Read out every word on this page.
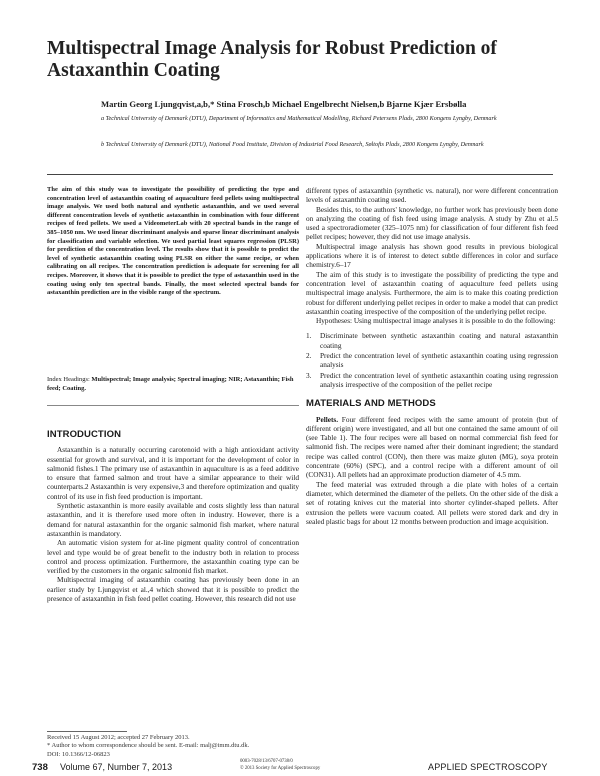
Multispectral Image Analysis for Robust Prediction of
Astaxanthin Coating
Martin Georg Ljungqvist,a,b,* Stina Frosch,b Michael Engelbrecht Nielsen,b Bjarne Kjær Ersbølla
a Technical University of Denmark (DTU), Department of Informatics and Mathematical Modelling, Richard Petersens Plads, 2800 Kongens Lyngby, Denmark
b Technical University of Denmark (DTU), National Food Institute, Division of Industrial Food Research, Søltofts Plads, 2800 Kongens Lyngby, Denmark
The aim of this study was to investigate the possibility of predicting the type and concentration level of astaxanthin coating of aquaculture feed pellets using multispectral image analysis. We used both natural and synthetic astaxanthin, and we used several different concentration levels of synthetic astaxanthin in combination with four different recipes of feed pellets. We used a VideometerLab with 20 spectral bands in the range of 385–1050 nm. We used linear discriminant analysis and sparse linear discriminant analysis for classification and variable selection. We used partial least squares regression (PLSR) for prediction of the concentration level. The results show that it is possible to predict the level of synthetic astaxanthin coating using PLSR on either the same recipe, or when calibrating on all recipes. The concentration prediction is adequate for screening for all recipes. Moreover, it shows that it is possible to predict the type of astaxanthin used in the coating using only ten spectral bands. Finally, the most selected spectral bands for astaxanthin prediction are in the visible range of the spectrum.
Index Headings: Multispectral; Image analysis; Spectral imaging; NIR; Astaxanthin; Fish feed; Coating.
INTRODUCTION

Astaxanthin is a naturally occurring carotenoid with a high antioxidant activity essential for growth and survival, and it is important for the development of color in salmonid fishes.1 The primary use of astaxanthin in aquaculture is as a feed additive to ensure that farmed salmon and trout have a similar appearance to their wild counterparts.2 Astaxanthin is very expensive,3 and therefore optimization and quality control of its use in fish feed production is important.

Synthetic astaxanthin is more easily available and costs slightly less than natural astaxanthin, and it is therefore used more often in industry. However, there is a demand for natural astaxanthin for the organic salmonid fish market, where natural astaxanthin is mandatory.

An automatic vision system for at-line pigment quality control of concentration level and type would be of great benefit to the industry both in relation to process control and process optimization. Furthermore, the astaxanthin coating type can be verified by the customers in the organic salmonid fish market.

Multispectral imaging of astaxanthin coating has previously been done in an earlier study by Ljungqvist et al.,4 which showed that it is possible to predict the presence of astaxanthin in fish feed pellet coating. However, this research did not use

different types of astaxanthin (synthetic vs. natural), nor were different concentration levels of astaxanthin coating used.

Besides this, to the authors' knowledge, no further work has previously been done on analyzing the coating of fish feed using image analysis. A study by Zhu et al.5 used a spectroradiometer (325–1075 nm) for classification of four different fish feed pellet recipes; however, they did not use image analysis.

Multispectral image analysis has shown good results in previous biological applications where it is of interest to detect subtle differences in color and surface chemistry.6–17

The aim of this study is to investigate the possibility of predicting the type and concentration level of astaxanthin coating of aquaculture feed pellets using multispectral image analysis. Furthermore, the aim is to make this coating prediction robust for different underlying pellet recipes in order to make a model that can predict astaxanthin coating irrespective of the composition of the underlying pellet recipe.

Hypotheses: Using multispectral image analyses it is possible to do the following:

1. Discriminate between synthetic astaxanthin coating and natural astaxanthin coating
2. Predict the concentration level of synthetic astaxanthin coating using regression analysis
3. Predict the concentration level of synthetic astaxanthin coating using regression analysis irrespective of the composition of the pellet recipe
MATERIALS AND METHODS

Pellets. Four different feed recipes with the same amount of protein (but of different origin) were investigated, and all but one contained the same amount of oil (see Table 1). The four recipes were all based on normal commercial fish feed for salmonid fish. The recipes were named after their dominant ingredient; the standard recipe was called control (CON), then there was maize gluten (MG), soya protein concentrate (60%) (SPC), and a control recipe with a different amount of oil (CON31). All pellets had an approximate production diameter of 4.5 mm.

The feed material was extruded through a die plate with holes of a certain diameter, which determined the diameter of the pellets. On the other side of the disk a set of rotating knives cut the material into shorter cylinder-shaped pellets. After extrusion the pellets were vacuum coated. All pellets were stored dark and dry in sealed plastic bags for about 12 months between production and image acquisition.

Received 15 August 2012; accepted 27 February 2013.
* Author to whom correspondence should be sent. E-mail: malj@imm.dtu.dk.
DOI: 10.1366/12-06823
738 Volume 67, Number 7, 2013
0003-7028/13/6707-0738/0
© 2013 Society for Applied Spectroscopy	APPLIED SPECTROSCOPY
